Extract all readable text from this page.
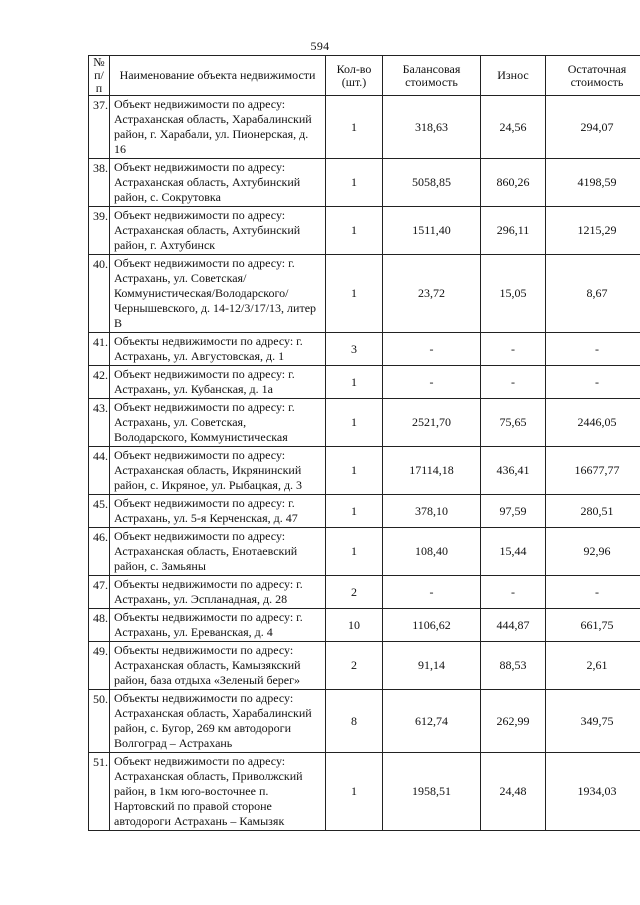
594
№ п/п	Наименование объекта недвижимости	Кол-во (шт.)	Балансовая стоимость	Износ	Остаточная стоимость
37.	Объект недвижимости по адресу: Астраханская область, Харабалинский район, г. Харабали, ул. Пионерская, д. 16	1	318,63	24,56	294,07
38.	Объект недвижимости по адресу: Астраханская область, Ахтубинский район, с. Сокрутовка	1	5058,85	860,26	4198,59
39.	Объект недвижимости по адресу: Астраханская область, Ахтубинский район, г. Ахтубинск	1	1511,40	296,11	1215,29
40.	Объект недвижимости по адресу: г. Астрахань, ул. Советская/ Коммунистическая/Володарского/ Чернышевского, д. 14-12/3/17/13, литер В	1	23,72	15,05	8,67
41.	Объекты недвижимости по адресу: г. Астрахань, ул. Августовская, д. 1	3	-	-	-
42.	Объект недвижимости по адресу: г. Астрахань, ул. Кубанская, д. 1а	1	-	-	-
43.	Объект недвижимости по адресу: г. Астрахань, ул. Советская, Володарского, Коммунистическая	1	2521,70	75,65	2446,05
44.	Объект недвижимости по адресу: Астраханская область, Икрянинский район, с. Икряное, ул. Рыбацкая, д. 3	1	17114,18	436,41	16677,77
45.	Объект недвижимости по адресу: г. Астрахань, ул. 5-я Керченская, д. 47	1	378,10	97,59	280,51
46.	Объект недвижимости по адресу: Астраханская область, Енотаевский район, с. Замьяны	1	108,40	15,44	92,96
47.	Объекты недвижимости по адресу: г. Астрахань, ул. Эспланадная, д. 28	2	-	-	-
48.	Объекты недвижимости по адресу: г. Астрахань, ул. Ереванская, д. 4	10	1106,62	444,87	661,75
49.	Объекты недвижимости по адресу: Астраханская область, Камызякский район, база отдыха «Зеленый берег»	2	91,14	88,53	2,61
50.	Объекты недвижимости по адресу: Астраханская область, Харабалинский район, с. Бугор, 269 км автодороги Волгоград – Астрахань	8	612,74	262,99	349,75
51.	Объект недвижимости по адресу: Астраханская область, Приволжский район, в 1км юго-восточнее п. Нартовский по правой стороне автодороги Астрахань – Камызяк	1	1958,51	24,48	1934,03
